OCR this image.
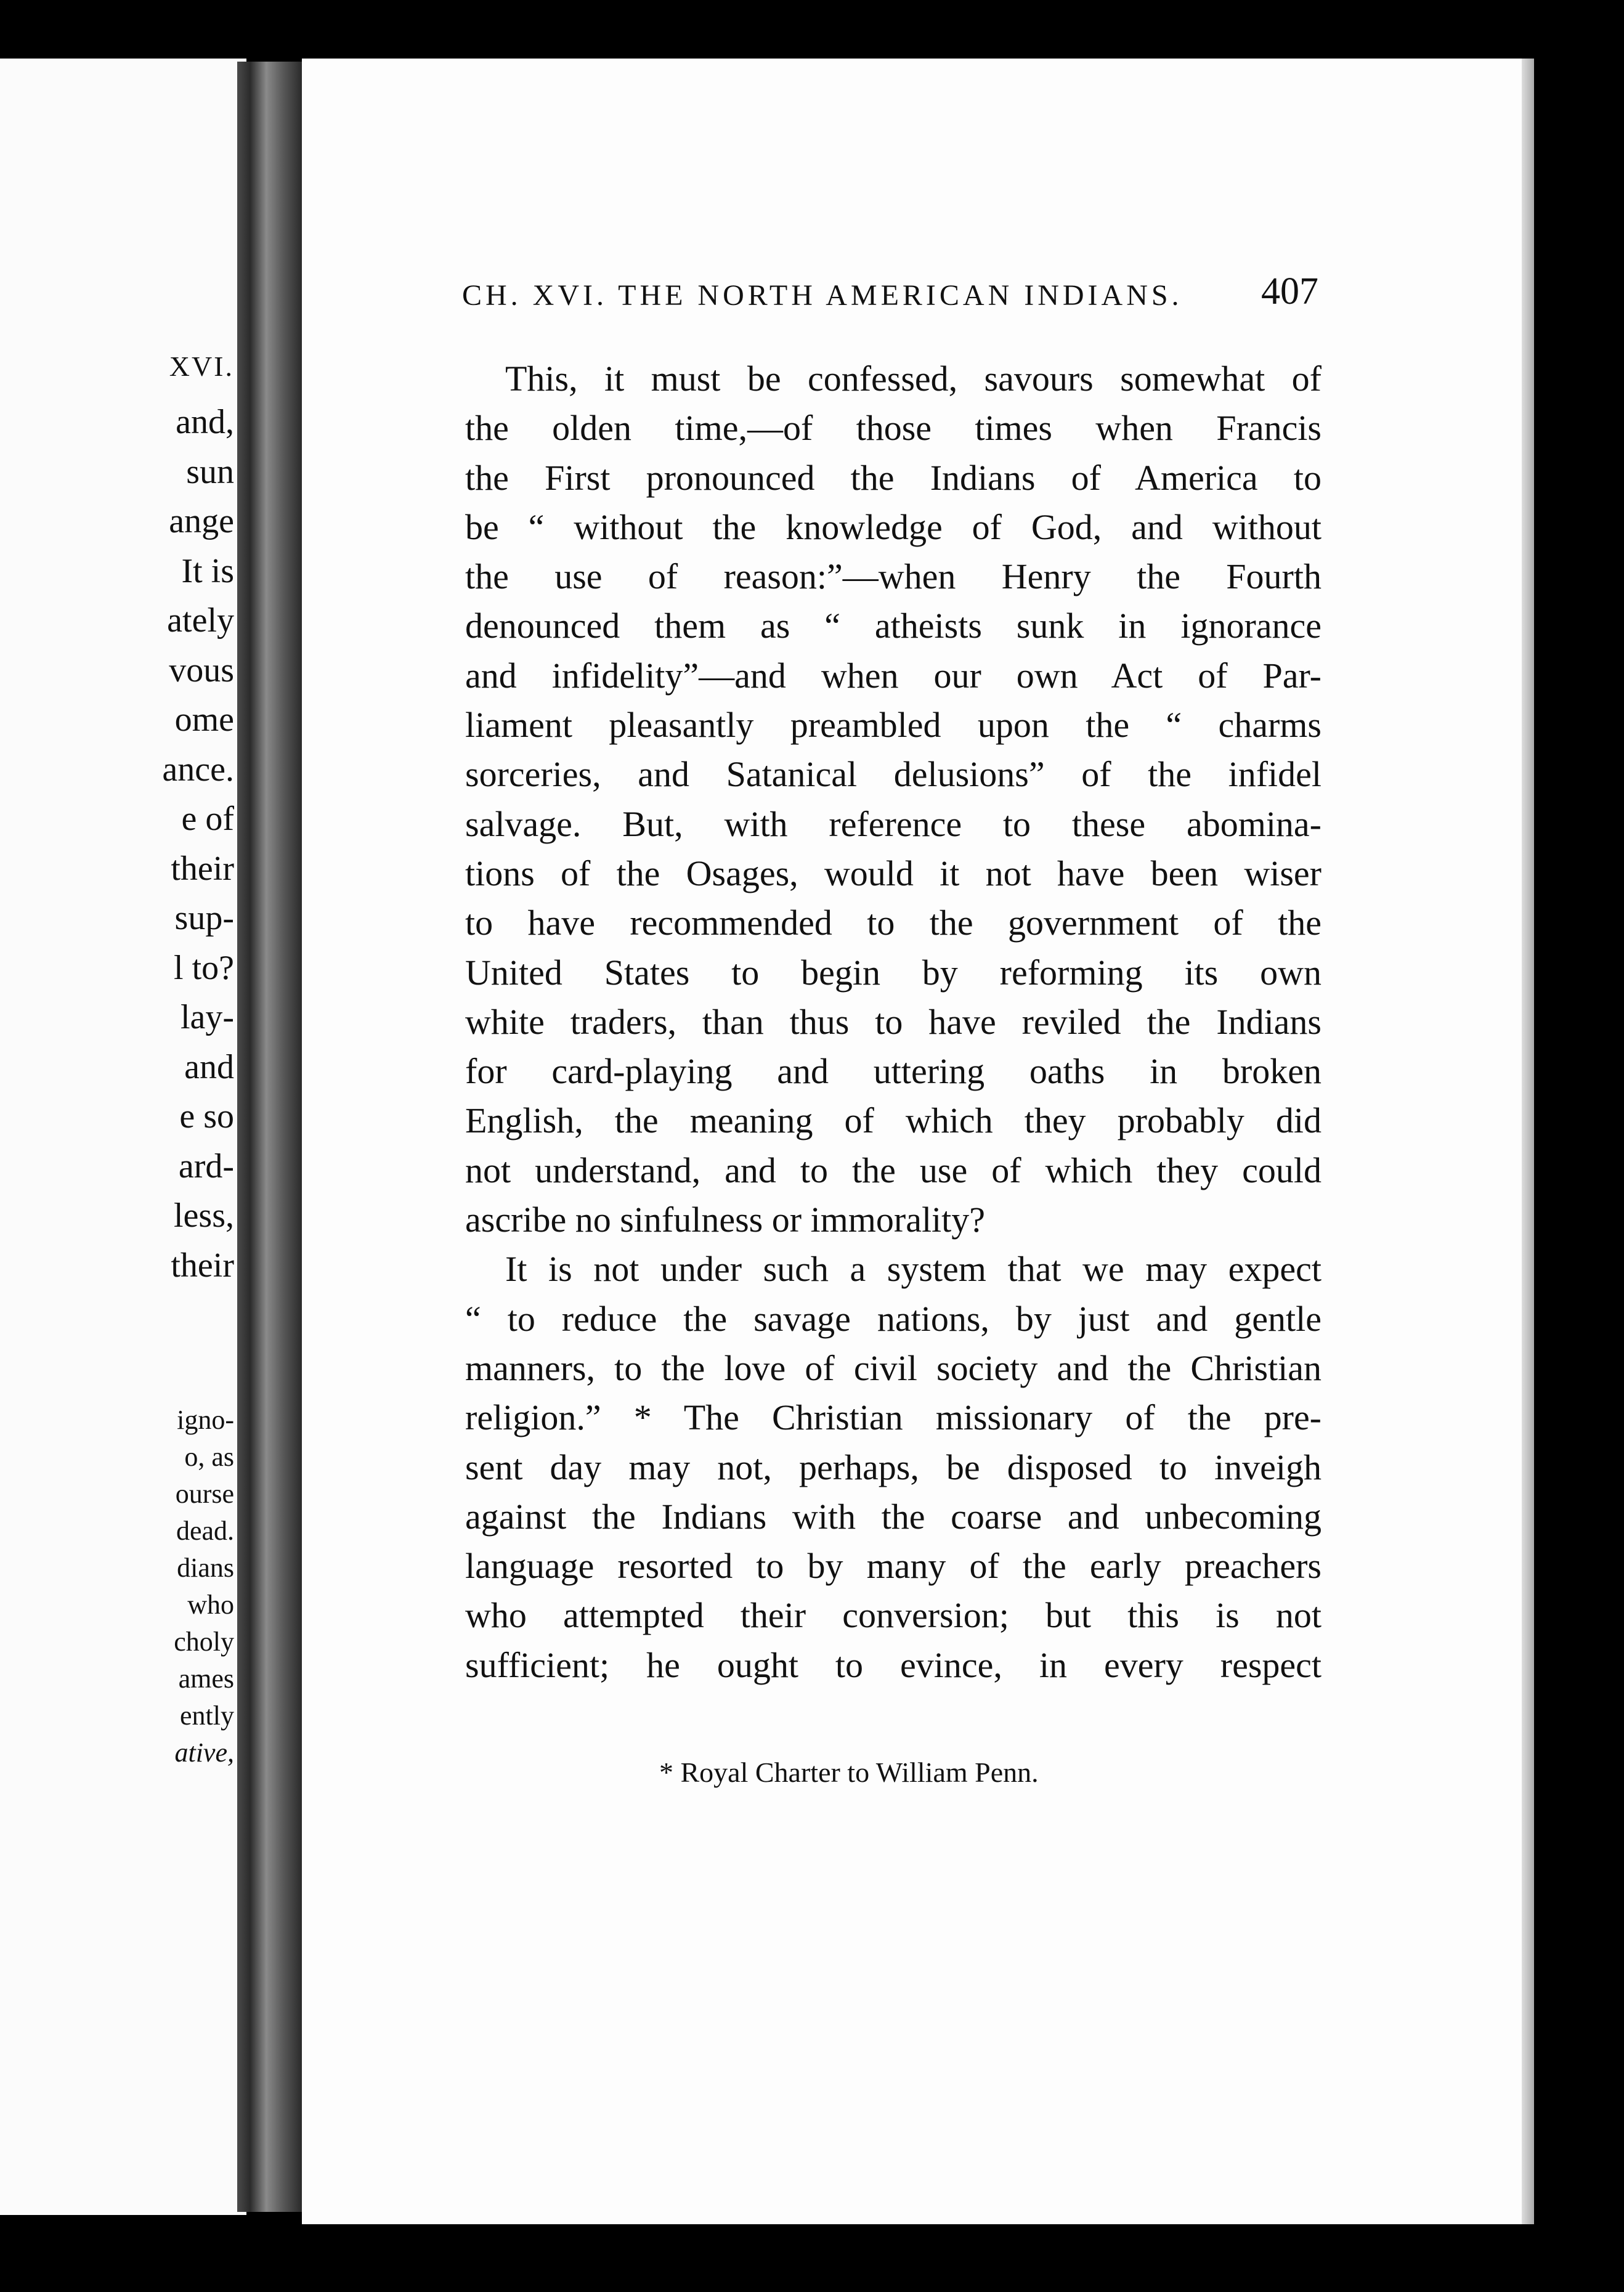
XVI.
and,
sun
ange
It is
ately
vous
ome
ance.
e of
their
sup-
l to?
lay-
and
e so
ard-
less,
their
igno-
o, as
ourse
dead.
dians
who
choly
ames
ently
ative,
CH. XVI. THE NORTH AMERICAN INDIANS. 407
This, it must be confessed, savours somewhat of
the olden time,—of those times when Francis
the First pronounced the Indians of America to
be “ without the knowledge of God, and without
the use of reason:”—when Henry the Fourth
denounced them as “ atheists sunk in ignorance
and infidelity”—and when our own Act of Par-
liament pleasantly preambled upon the “ charms
sorceries, and Satanical delusions” of the infidel
salvage. But, with reference to these abomina-
tions of the Osages, would it not have been wiser
to have recommended to the government of the
United States to begin by reforming its own
white traders, than thus to have reviled the Indians
for card-playing and uttering oaths in broken
English, the meaning of which they probably did
not understand, and to the use of which they could
ascribe no sinfulness or immorality?
It is not under such a system that we may expect
“ to reduce the savage nations, by just and gentle
manners, to the love of civil society and the Christian
religion.” * The Christian missionary of the pre-
sent day may not, perhaps, be disposed to inveigh
against the Indians with the coarse and unbecoming
language resorted to by many of the early preachers
who attempted their conversion; but this is not
sufficient; he ought to evince, in every respect
* Royal Charter to William Penn.
